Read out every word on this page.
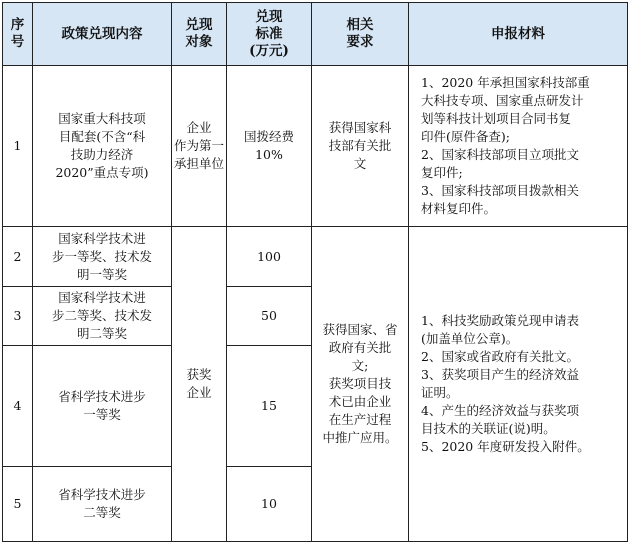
序
号
政策兑现内容
兑现
对象
兑现
标准
(万元)
相关
要求
申报材料
1
国家重大科技项
目配套(不含“科
技助力经济
2020”重点专项)
企业
作为第一
承担单位
国拨经费
10%
获得国家科
技部有关批
文
1、2020 年承担国家科技部重
大科技专项、国家重点研发计
划等科技计划项目合同书复
印件(原件备查);
2、国家科技部项目立项批文
复印件;
3、国家科技部项目拨款相关
材料复印件。
2
国家科学技术进
步一等奖、技术发
明一等奖
100
3
国家科学技术进
步二等奖、技术发
明二等奖
50
4
省科学技术进步
一等奖
15
5
省科学技术进步
二等奖
10
获奖
企业
获得国家、省
政府有关批
文;
获奖项目技
术已由企业
在生产过程
中推广应用。
1、科技奖励政策兑现申请表
(加盖单位公章)。
2、国家或省政府有关批文。
3、获奖项目产生的经济效益
证明。
4、产生的经济效益与获奖项
目技术的关联证(说)明。
5、2020 年度研发投入附件。
